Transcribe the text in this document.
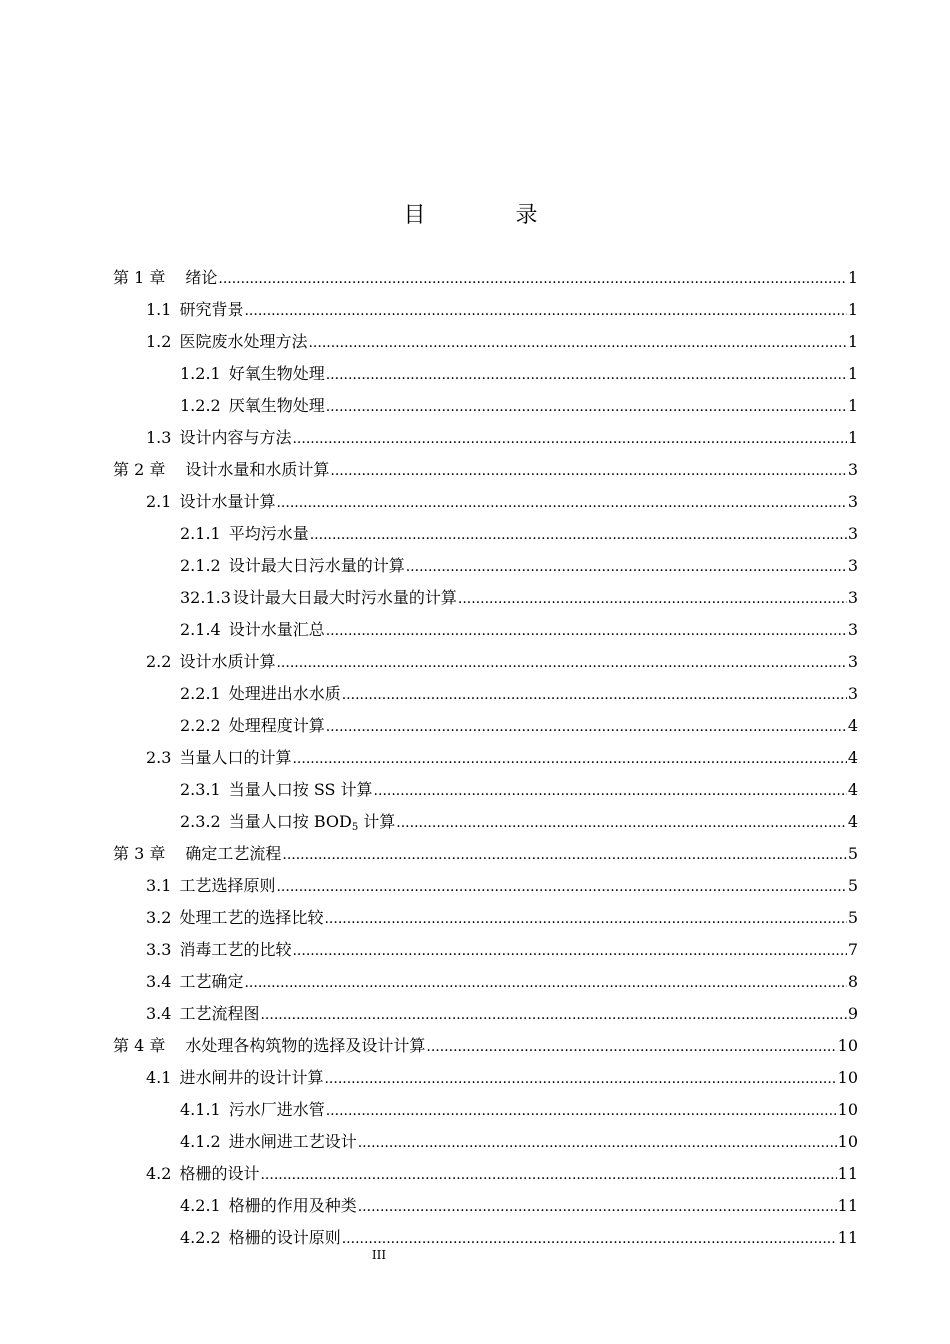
目　录
第 1 章 绪论 .....	1
1.1 研究背景 .....	1
1.2 医院废水处理方法 .....	1
1.2.1 好氧生物处理 .....	1
1.2.2 厌氧生物处理 .....	1
1.3 设计内容与方法 .....	1
第 2 章 设计水量和水质计算 .....	3
2.1 设计水量计算 .....	3
2.1.1 平均污水量 .....	3
2.1.2 设计最大日污水量的计算 .....	3
32.1.3 设计最大日最大时污水量的计算 .....	3
2.1.4 设计水量汇总 .....	3
2.2 设计水质计算 .....	3
2.2.1 处理进出水水质 .....	3
2.2.2 处理程度计算 .....	4
2.3 当量人口的计算 .....	4
2.3.1 当量人口按 SS 计算 .....	4
2.3.2 当量人口按 $BOD_5$ 计算 .....	4
第 3 章 确定工艺流程 .....	5
3.1 工艺选择原则 .....	5
3.2 处理工艺的选择比较 .....	5
3.3 消毒工艺的比较 .....	7
3.4 工艺确定 .....	8
3.4 工艺流程图 .....	9
第 4 章 水处理各构筑物的选择及设计计算 .....	10
4.1 进水闸井的设计计算 .....	10
4.1.1 污水厂进水管 .....	10
4.1.2 进水闸进工艺设计 .....	10
4.2 格栅的设计 .....	11
4.2.1 格栅的作用及种类 .....	11
4.2.2 格栅的设计原则 .....	11
III
